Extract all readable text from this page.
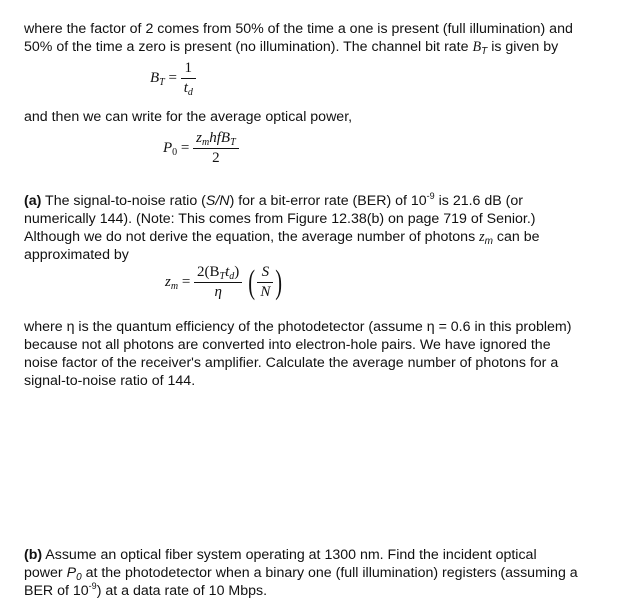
where the factor of 2 comes from 50% of the time a one is present (full illumination) and
50% of the time a zero is present (no illumination). The channel bit rate $B_T$ is given by
$B_T = \frac{1}{t_d}$
and then we can write for the average optical power,
$P_0 = \frac{z_mhfB_T}{2}$
(a) The signal-to-noise ratio (S/N) for a bit-error rate (BER) of $10^{-9}$ is 21.6 dB (or
numerically 144). (Note: This comes from Figure 12.38(b) on page 719 of Senior.)
Although we do not derive the equation, the average number of photons $z_m$ can be
approximated by
$z_m = \frac{2(B_Tt_d)}{\eta}$ ( $\frac{S}{N}$ )
where η is the quantum efficiency of the photodetector (assume η = 0.6 in this problem)
because not all photons are converted into electron-hole pairs. We have ignored the
noise factor of the receiver's amplifier. Calculate the average number of photons for a
signal-to-noise ratio of 144.
(b) Assume an optical fiber system operating at 1300 nm. Find the incident optical
power $P_0$ at the photodetector when a binary one (full illumination) registers (assuming a
BER of $10^{-9}$) at a data rate of 10 Mbps.
